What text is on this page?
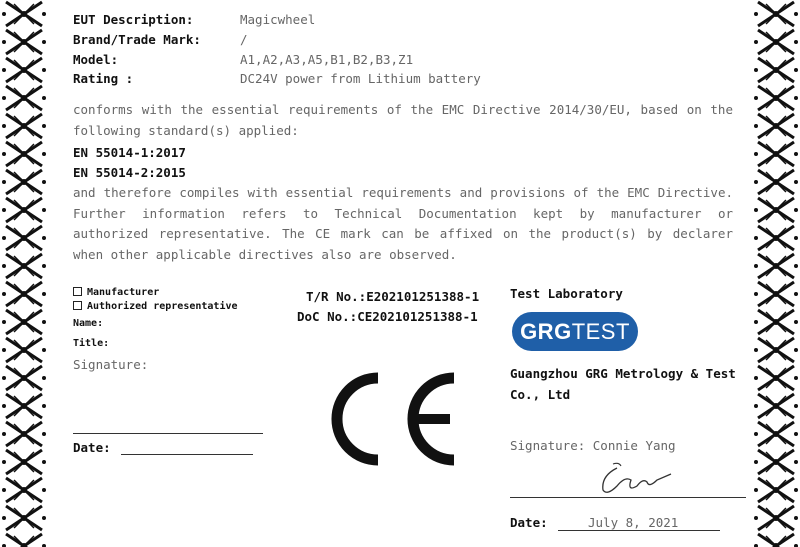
EUT Description:	Magicwheel
Brand/Trade Mark:	/
Model:	A1,A2,A3,A5,B1,B2,B3,Z1
Rating :	DC24V power from Lithium battery
conforms with the essential requirements of the EMC Directive 2014/30/EU, based on the following standard(s) applied:
EN 55014-1:2017
EN 55014-2:2015
and therefore compiles with essential requirements and provisions of the EMC Directive. Further information refers to Technical Documentation kept by manufacturer or authorized representative. The CE mark can be affixed on the product(s) by declarer when other applicable directives also are observed.
Manufacturer
Authorized representative
Name:
Title:
Signature:
Date:
T/R No.:E202101251388-1
DoC No.:CE202101251388-1
Test Laboratory
GRGTEST
Guangzhou GRG Metrology & Test
Co., Ltd
Signature: Connie Yang
Date:	July 8, 2021
